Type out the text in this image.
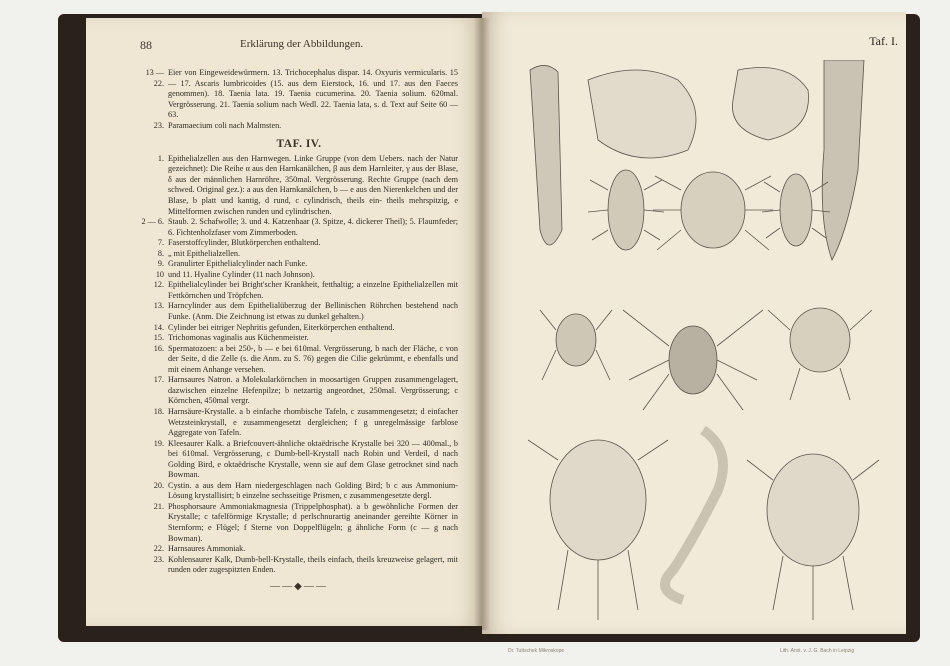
88	Erklärung der Abbildungen.
13 — 22.
Eier von Eingeweidewürmern. 13. Trichocephalus dispar. 14. Oxyuris vermicularis. 15 — 17. Ascaris lumbricoides (15. aus dem Eierstock, 16. und 17. aus den Faeces genommen). 18. Taenia lata. 19. Taenia cucumerina. 20. Taenia solium. 620mal. Vergrösserung. 21. Taenia solium nach Wedl. 22. Taenia lata, s. d. Text auf Seite 60 — 63.
23. Paramaecium coli nach Malmsten.
TAF. IV.
1. Epithelialzellen aus den Harnwegen. Linke Gruppe (von dem Uebers. nach der Natur gezeichnet): Die Reihe α aus den Harnkanälchen, β aus dem Harnleiter, γ aus der Blase, δ aus der männlichen Harnröhre, 350mal. Vergrösserung. Rechte Gruppe (nach dem schwed. Original gez.): a aus den Harnkanälchen, b — e aus den Nierenkelchen und der Blase, b platt und kantig, d rund, c cylindrisch, theils ein- theils mehrspitzig, e Mittelformen zwischen runden und cylindrischen.
2 — 6. Staub. 2. Schafwolle; 3. und 4. Katzenhaar (3. Spitze, 4. dickerer Theil); 5. Flaumfeder; 6. Fichtenholzfaser vom Zimmerboden.
7. Faserstoffcylinder, Blutkörperchen enthaltend.
8. „ mit Epithelialzellen.
9. Granulirter Epithelialcylinder nach Funke.
10 und 11. Hyaline Cylinder (11 nach Johnson).
12. Epithelialcylinder bei Bright'scher Krankheit, fetthaltig; a einzelne Epithelialzellen mit Fettkörnchen und Tröpfchen.
13. Harncylinder aus dem Epithelialüberzug der Bellinischen Röhrchen bestehend nach Funke. (Anm. Die Zeichnung ist etwas zu dunkel gehalten.)
14. Cylinder bei eitriger Nephritis gefunden, Eiterkörperchen enthaltend.
15. Trichomonas vaginalis aus Küchenmeister.
16. Spermatozoen: a bei 250-, b — e bei 610mal. Vergrösserung, b nach der Fläche, c von der Seite, d die Zelle (s. die Anm. zu S. 76) gegen die Cilie gekrümmt, e ebenfalls und mit einem Anhange versehen.
17. Harnsaures Natron. a Molekularkörnchen in moosartigen Gruppen zusammengelagert, dazwischen einzelne Hefenpilze; b netzartig angeordnet, 250mal. Vergrösserung; c Körnchen, 450mal vergr.
18. Harnsäure-Krystalle. a b einfache rhombische Tafeln, c zusammengesetzt; d einfacher Wetzsteinkrystall, e zusammengesetzt dergleichen; f g unregelmässige farblose Aggregate von Tafeln.
19. Kleesaurer Kalk. a Briefcouvert-ähnliche oktaëdrische Krystalle bei 320 — 400mal., b bei 610mal. Vergrösserung, c Dumb-bell-Krystall nach Robin und Verdeil, d nach Golding Bird, e oktaëdrische Krystalle, wenn sie auf dem Glase getrocknet sind nach Bowman.
20. Cystin. a aus dem Harn niedergeschlagen nach Golding Bird; b c aus Ammonium-Lösung krystallisirt; b einzelne sechsseitige Prismen, c zusammengesetzte dergl.
21. Phosphorsaure Ammoniakmagnesia (Trippelphosphat). a b gewöhnliche Formen der Krystalle; c tafelförmige Krystalle; d perlschnurartig aneinander gereihte Körner in Sternform; e Flügel; f Sterne von Doppelflügeln; g ähnliche Form (c — g nach Bowman).
22. Harnsaures Ammoniak.
23. Kohlensaurer Kalk, Dumb-bell-Krystalle, theils einfach, theils kreuzweise gelagert, mit runden oder zugespitzten Enden.
——◆——
Taf. I.
Dr. Tuttschek Mikroskope	Lith. Anst. v. J. G. Bach in Leipzig
